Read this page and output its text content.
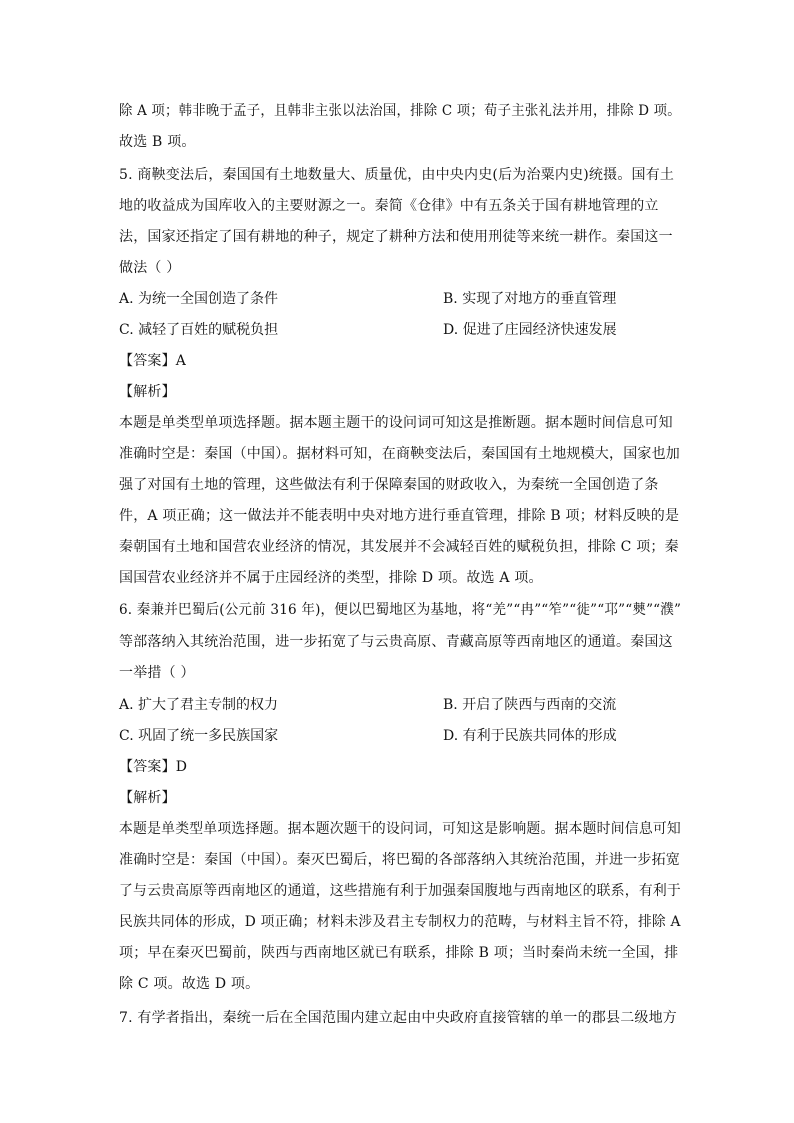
除 A 项；韩非晚于孟子，且韩非主张以法治国，排除 C 项；荀子主张礼法并用，排除 D 项。
故选 B 项。
5. 商鞅变法后，秦国国有土地数量大、质量优，由中央内史(后为治粟内史)统摄。国有土
地的收益成为国库收入的主要财源之一。秦简《仓律》中有五条关于国有耕地管理的立
法，国家还指定了国有耕地的种子，规定了耕种方法和使用刑徒等来统一耕作。秦国这一
做法（ ）
A. 为统一全国创造了条件	B. 实现了对地方的垂直管理
C. 减轻了百姓的赋税负担	D. 促进了庄园经济快速发展
【答案】A
【解析】
本题是单类型单项选择题。据本题主题干的设问词可知这是推断题。据本题时间信息可知
准确时空是：秦国（中国）。据材料可知，在商鞅变法后，秦国国有土地规模大，国家也加
强了对国有土地的管理，这些做法有利于保障秦国的财政收入，为秦统一全国创造了条
件，A 项正确；这一做法并不能表明中央对地方进行垂直管理，排除 B 项；材料反映的是
秦朝国有土地和国营农业经济的情况，其发展并不会减轻百姓的赋税负担，排除 C 项；秦
国国营农业经济并不属于庄园经济的类型，排除 D 项。故选 A 项。
6. 秦兼并巴蜀后(公元前 316 年)，便以巴蜀地区为基地，将“羌”“冉”“笮”“徙”“邛”“僰”“濮”
等部落纳入其统治范围，进一步拓宽了与云贵高原、青藏高原等西南地区的通道。秦国这
一举措（ ）
A. 扩大了君主专制的权力	B. 开启了陕西与西南的交流
C. 巩固了统一多民族国家	D. 有利于民族共同体的形成
【答案】D
【解析】
本题是单类型单项选择题。据本题次题干的设问词，可知这是影响题。据本题时间信息可知
准确时空是：秦国（中国）。秦灭巴蜀后，将巴蜀的各部落纳入其统治范围，并进一步拓宽
了与云贵高原等西南地区的通道，这些措施有利于加强秦国腹地与西南地区的联系，有利于
民族共同体的形成，D 项正确；材料未涉及君主专制权力的范畴，与材料主旨不符，排除 A
项；早在秦灭巴蜀前，陕西与西南地区就已有联系，排除 B 项；当时秦尚未统一全国，排
除 C 项。故选 D 项。
7. 有学者指出，秦统一后在全国范围内建立起由中央政府直接管辖的单一的郡县二级地方
